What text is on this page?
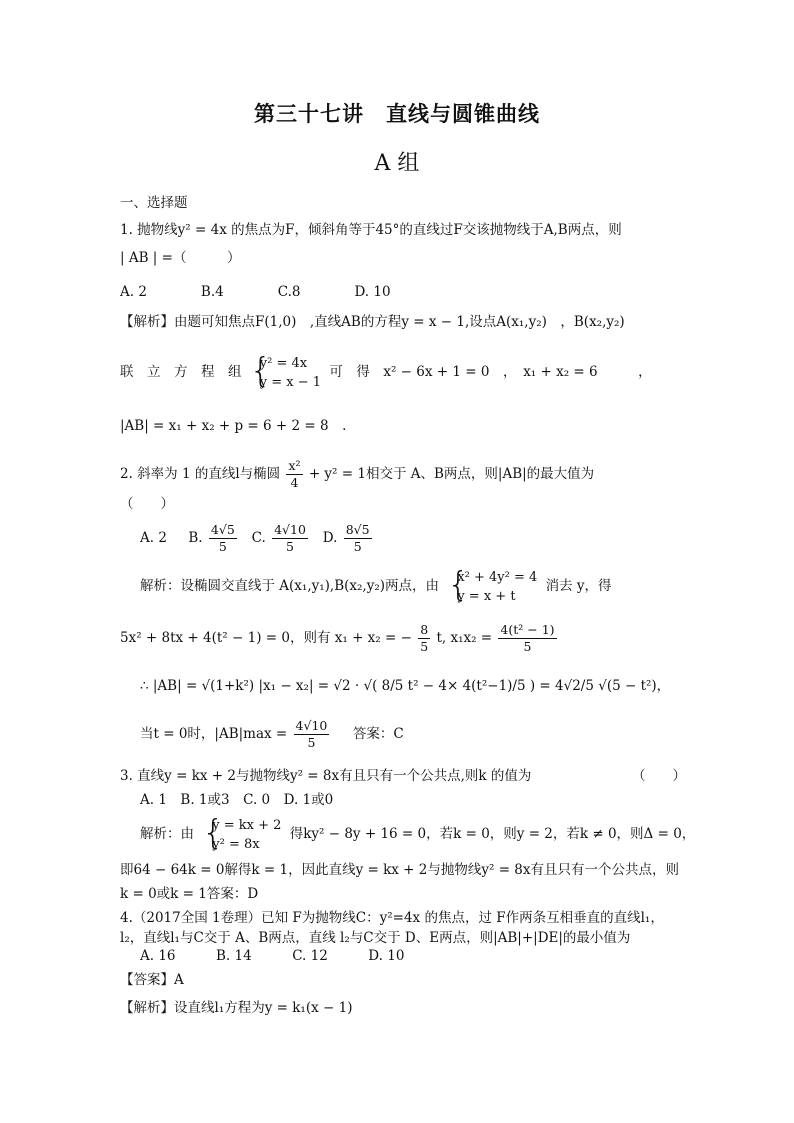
第三十七讲　直线与圆锥曲线
A 组
一、选择题
1. 抛物线y² = 4x 的焦点为F，倾斜角等于45°的直线过F交该抛物线于A,B两点，则
| AB | =（　　　）
A. 2　　　　B.4　　　　C.8　　　　D. 10
【解析】由题可知焦点F(1,0)　,直线AB的方程y = x − 1,设点A(x₁,y₂)　，B(x₂,y₂)
联　立　方　程　组 {
y² = 4x
y = x − 1
可　得　x² − 6x + 1 = 0　，　x₁ + x₂ = 6　　　，
|AB| = x₁ + x₂ + p = 6 + 2 = 8　.
2. 斜率为 1 的直线l与椭圆 $\frac{\text{x²}}{4} + y^2 = 1$相交于 A、B两点，则|AB|的最大值为
（　　）
A. 2 B. $\frac{4√5}{5} C$. $\frac{4√10}{5} D$. $\frac{8√5}{5}$
解析：设椭圆交直线于 A(x₁,y₁),B(x₂,y₂)两点，由 {
x² + 4y² = 4
y = x + t
消去 y，得
5x² + 8tx + 4(t² − 1) = 0，则有 x₁ + x₂ = − $\frac{8}{5} t$, $x_1x_2 = \frac{\text{4(t² − 1)}}{5}$
∴ |AB| = √(1+k²) |x₁ − x₂| = √2 · √( 8/5 t² − 4× 4(t²−1)/5 ) = 4√2/5 √(5 − t²)，
当t = 0时，$|AB|\max = \frac{4√10}{5}$ 答案：C
3. 直线y = kx + 2与抛物线y² = 8x有且只有一个公共点,则k 的值为	（　　）
A. 1　B. 1或3　C. 0　D. 1或0
解析：由 {
y = kx + 2
y² = 8x
得ky² − 8y + 16 = 0，若k = 0，则y = 2，若k ≠ 0，则Δ = 0，
即64 − 64k = 0解得k = 1，因此直线y = kx + 2与抛物线y² = 8x有且只有一个公共点，则
k = 0或k = 1答案：D
4.（2017全国 1卷理）已知 F为抛物线C：y²=4x 的焦点，过 F作两条互相垂直的直线l₁，
l₂，直线l₁与C交于 A、B两点，直线 l₂与C交于 D、E两点，则|AB|+|DE|的最小值为
A. 16　　　B. 14　　　C. 12　　　D. 10
【答案】A
【解析】设直线l₁方程为y = k₁(x − 1)
